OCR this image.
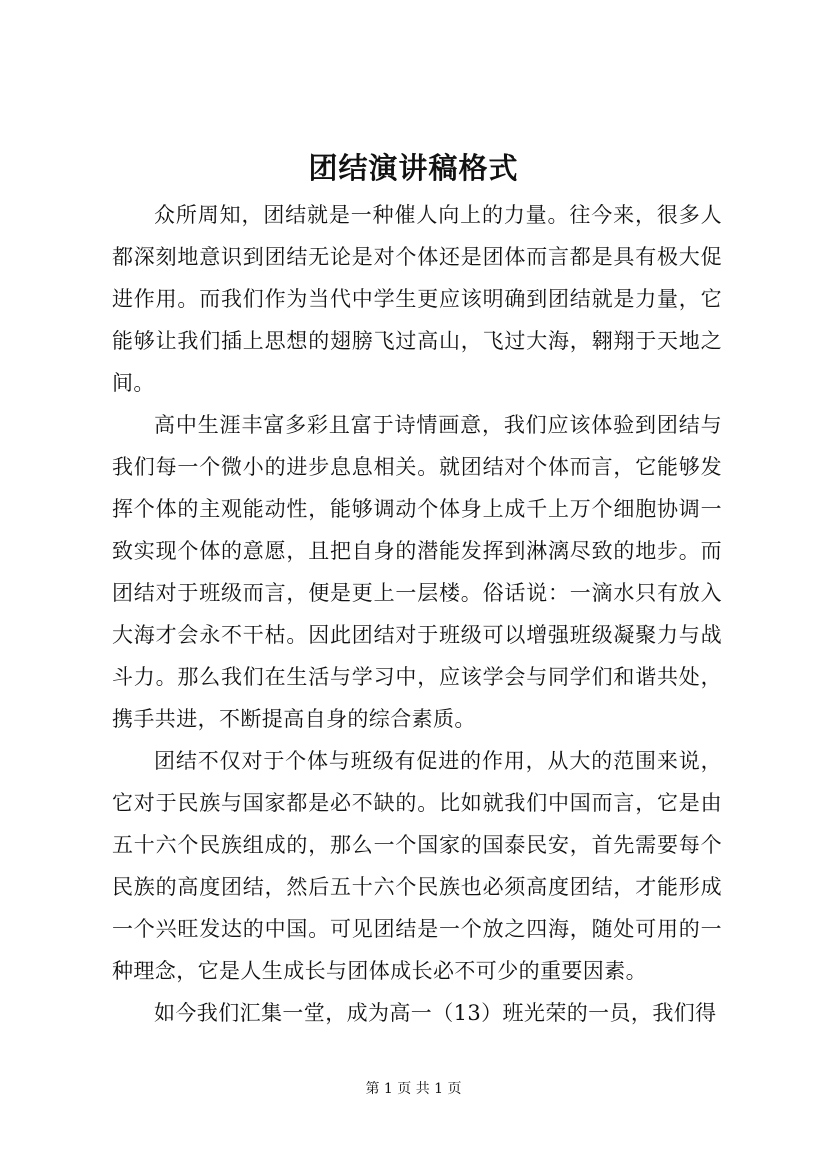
团结演讲稿格式

众所周知，团结就是一种催人向上的力量。往今来，很多人都深刻地意识到团结无论是对个体还是团体而言都是具有极大促进作用。而我们作为当代中学生更应该明确到团结就是力量，它能够让我们插上思想的翅膀飞过高山，飞过大海，翱翔于天地之间。

高中生涯丰富多彩且富于诗情画意，我们应该体验到团结与我们每一个微小的进步息息相关。就团结对个体而言，它能够发挥个体的主观能动性，能够调动个体身上成千上万个细胞协调一致实现个体的意愿，且把自身的潜能发挥到淋漓尽致的地步。而团结对于班级而言，便是更上一层楼。俗话说：一滴水只有放入大海才会永不干枯。因此团结对于班级可以增强班级凝聚力与战斗力。那么我们在生活与学习中，应该学会与同学们和谐共处，携手共进，不断提高自身的综合素质。

团结不仅对于个体与班级有促进的作用，从大的范围来说，它对于民族与国家都是必不缺的。比如就我们中国而言，它是由五十六个民族组成的，那么一个国家的国泰民安，首先需要每个民族的高度团结，然后五十六个民族也必须高度团结，才能形成一个兴旺发达的中国。可见团结是一个放之四海，随处可用的一种理念，它是人生成长与团体成长必不可少的重要因素。

如今我们汇集一堂，成为高一（13）班光荣的一员，我们得

第 1 页 共 1 页
